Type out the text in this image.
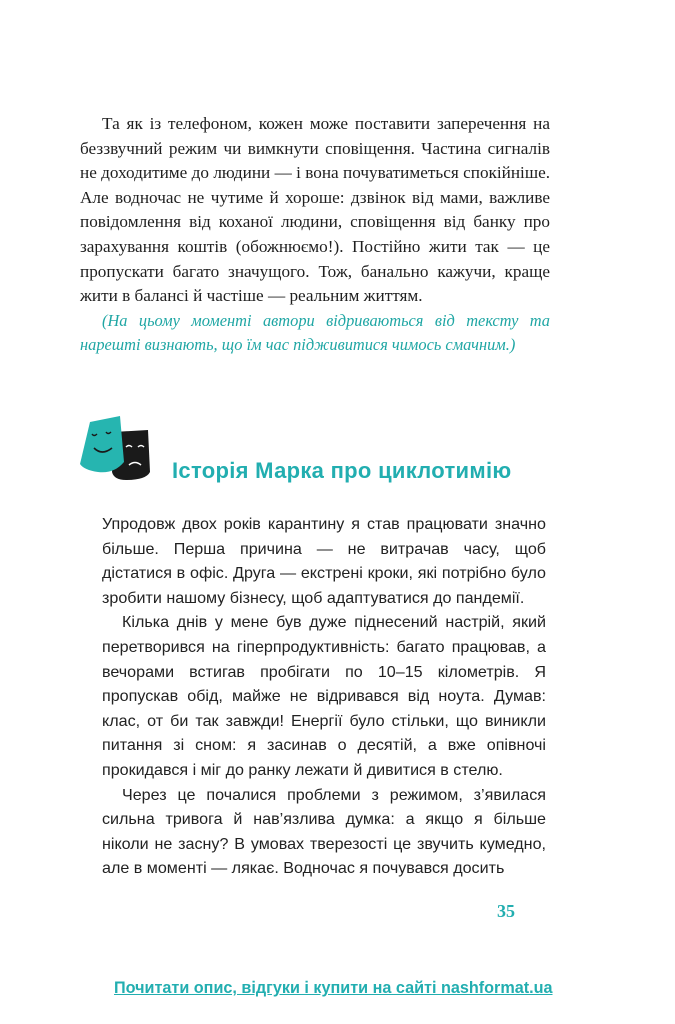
Та як із телефоном, кожен може поставити заперечення на беззвучний режим чи вимкнути сповіщення. Частина сигналів не доходитиме до людини — і вона почуватиметься спокійніше. Але водночас не чутиме й хороше: дзвінок від мами, важливе повідомлення від коханої людини, сповіщення від банку про зарахування коштів (обожнюємо!). Постійно жити так — це пропускати багато значущого. Тож, банально кажучи, краще жити в балансі й частіше — реальним життям.

(На цьому моменті автори відриваються від тексту та нарешті визнають, що їм час підживитися чимось смачним.)

Історія Марка про циклотимію

Упродовж двох років карантину я став працювати значно більше. Перша причина — не витрачав часу, щоб дістатися в офіс. Друга — екстрені кроки, які потрібно було зробити нашому бізнесу, щоб адаптуватися до пандемії.

Кілька днів у мене був дуже піднесений настрій, який перетворився на гіперпродуктивність: багато працював, а вечорами встигав пробігати по 10–15 кілометрів. Я пропускав обід, майже не відривався від ноута. Думав: клас, от би так завжди! Енергії було стільки, що виникли питання зі сном: я засинав о десятій, а вже опівночі прокидався і міг до ранку лежати й дивитися в стелю.

Через це почалися проблеми з режимом, з’явилася сильна тривога й нав’язлива думка: а якщо я більше ніколи не засну? В умовах тверезості це звучить кумедно, але в моменті — лякає. Водночас я почувався досить

35
Почитати опис, відгуки і купити на сайті nashformat.ua
